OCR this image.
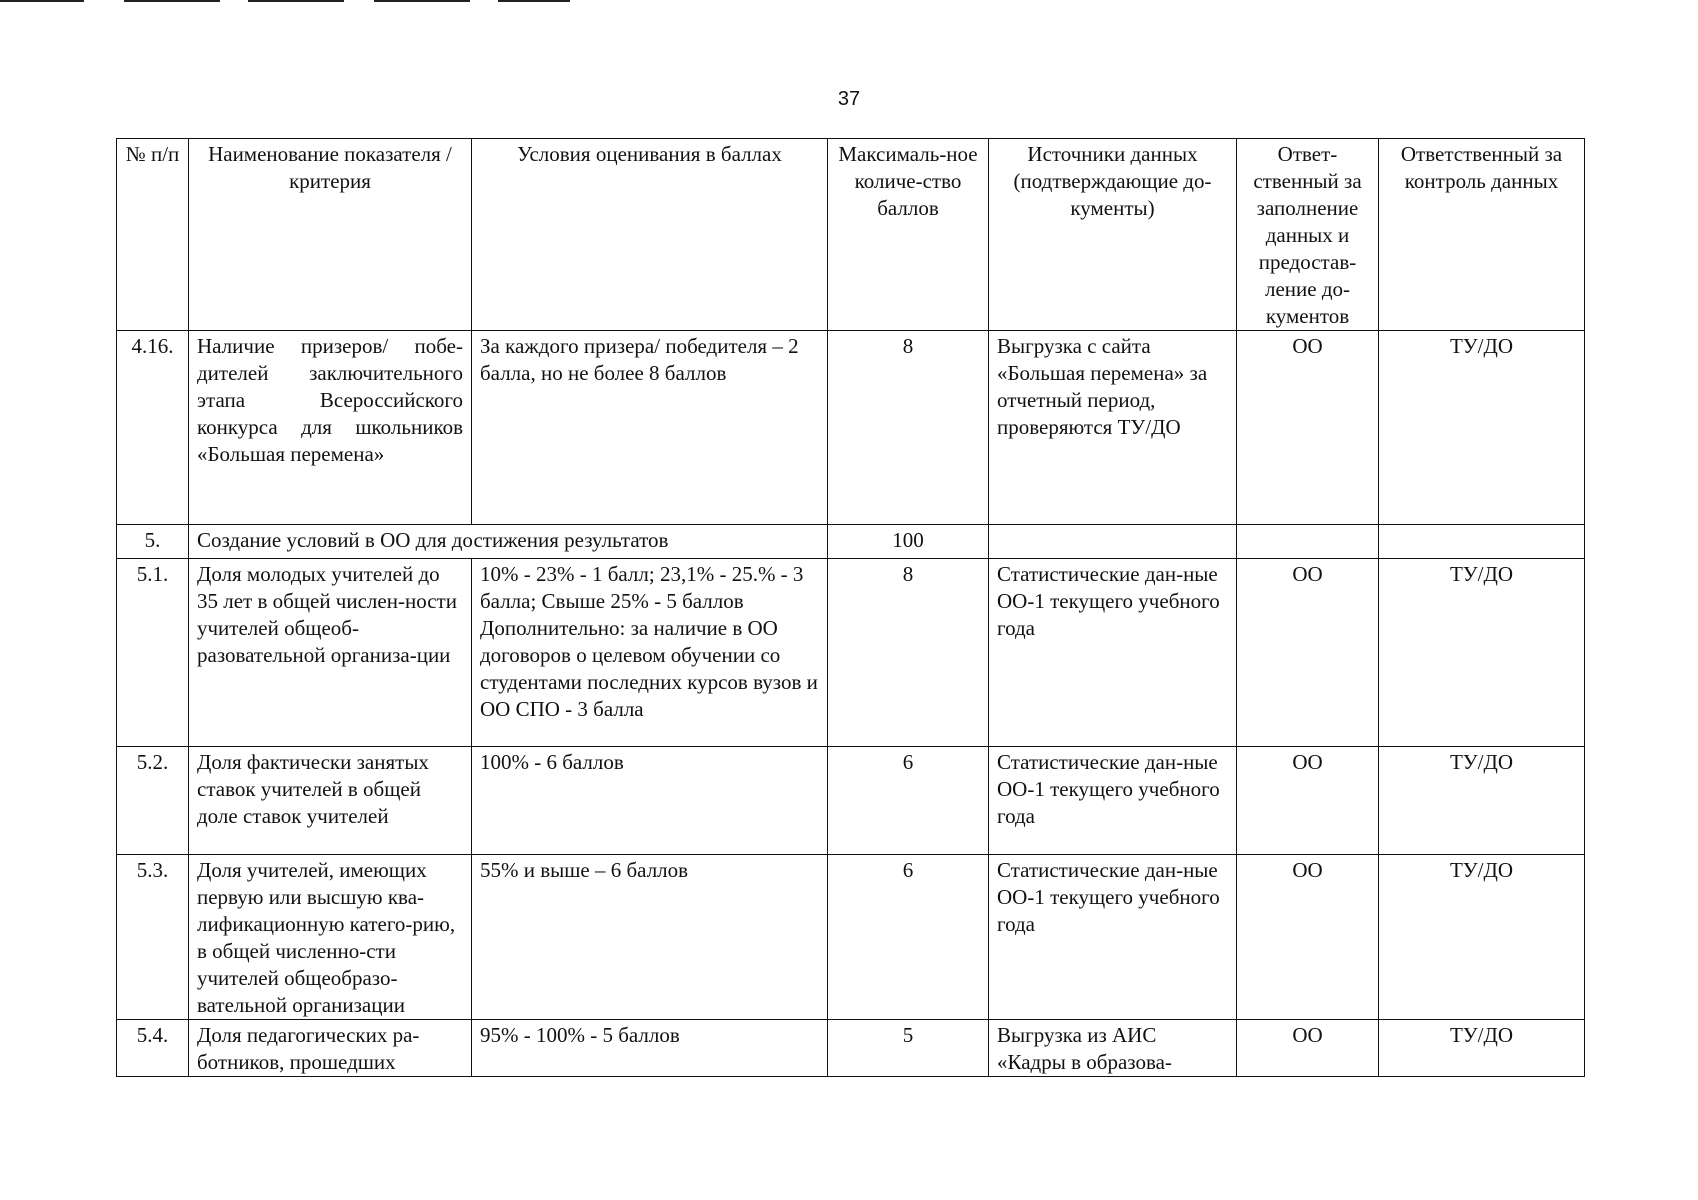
37
№ п/п	Наименование показателя / критерия	Условия оценивания в баллах	Максималь-ное количе-ство баллов	Источники данных (подтверждающие до-кументы)	Ответ-ственный за заполнение данных и предостав-ление до-кументов	Ответственный за контроль данных
4.16.	Наличие призеров/ побе-дителей заключительного этапа Всероссийского конкурса для школьников «Большая перемена»	За каждого призера/ победителя – 2 балла, но не более 8 баллов	8	Выгрузка с сайта «Большая перемена» за отчетный период, проверяются ТУ/ДО	ОО	ТУ/ДО
5.	Создание условий в ОО для достижения результатов		100			
5.1.	Доля молодых учителей до 35 лет в общей числен-ности учителей общеоб-разовательной организа-ции	10% - 23% - 1 балл; 23,1% - 25.% - 3 балла; Свыше 25% - 5 баллов Дополнительно: за наличие в ОО договоров о целевом обучении со студентами последних курсов вузов и ОО СПО - 3 балла	8	Статистические дан-ные ОО-1 текущего учебного года	ОО	ТУ/ДО
5.2.	Доля фактически занятых ставок учителей в общей доле ставок учителей	100% - 6 баллов	6	Статистические дан-ные ОО-1 текущего учебного года	ОО	ТУ/ДО
5.3.	Доля учителей, имеющих первую или высшую ква-лификационную катего-рию, в общей численно-сти учителей общеобразо-вательной организации	55% и выше – 6 баллов	6	Статистические дан-ные ОО-1 текущего учебного года	ОО	ТУ/ДО
5.4.	Доля педагогических ра-ботников, прошедших	95% - 100% - 5 баллов	5	Выгрузка из АИС «Кадры в образова-	ОО	ТУ/ДО
